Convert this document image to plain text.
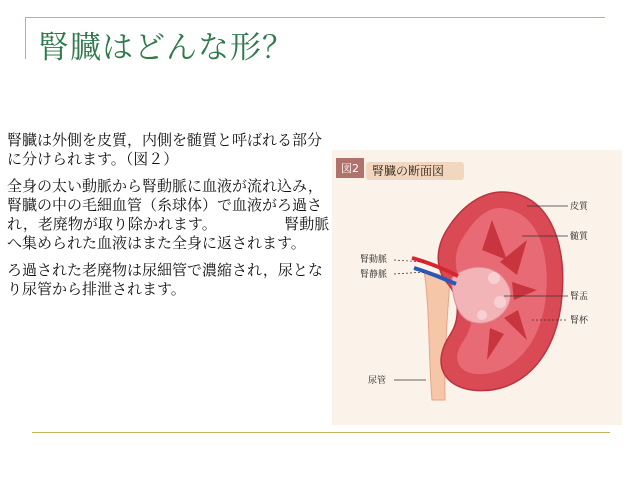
腎臓はどんな形？

腎臓は外側を皮質，内側を髄質と呼ばれる部分に分けられます。（図２）

全身の太い動脈から腎動脈に血液が流れ込み，腎臓の中の毛細血管（糸球体）で血液がろ過され，老廃物が取り除かれます。　　　　　腎動脈へ集められた血液はまた全身に返されます。

ろ過された老廃物は尿細管で濃縮され，尿となり尿管から排泄されます。

図2 腎臓の断面図
皮質
髄質
腎動脈
腎静脈
腎盂
腎杯
尿管
